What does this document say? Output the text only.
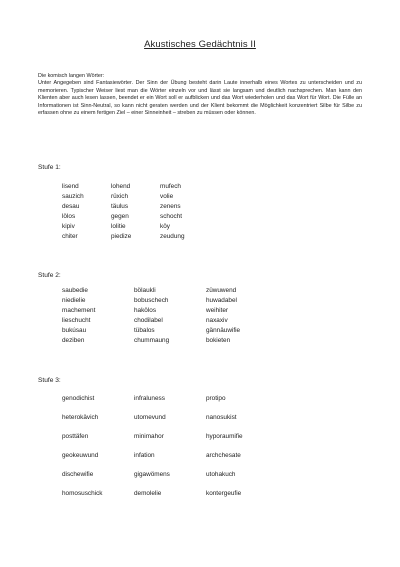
Akustisches Gedächtnis II

Die komisch langen Wörter:

Unter Angegeben sind Fantasiewörter. Der Sinn der Übung besteht darin Laute innerhalb eines Wortes zu unterscheiden und zu memorieren. Typischer Weiser liest man die Wörter einzeln vor und lässt sie langsam und deutlich nachsprechen. Man kann den Klienten aber auch lesen lassen, beendet er ein Wort soll er aufblicken und das Wort wiederholen und das Wort für Wort. Die Fülle an Informationen ist Sinn-Neutral, so kann nicht geraten werden und der Klient bekommt die Möglichkeit konzentriert Silbe für Silbe zu erfassen ohne zu einem fertigen Ziel – einer Sinneinheit – streben zu müssen oder können.

Stufe 1:
lisend	lohend	mufech
sauzich	rüxich	volie
desau	täulus	zenens
lölos	gegen	schocht
kipiv	lolitie	köy
chiter	piedize	zeudung
Stufe 2:
saubedie	bölaukli	züwuwend
niedielie	bobuschech	huwadabel
machement	hakölos	weihiter
lieschucht	chodilabel	naxaxiv
bukúsau	tübalos	gännäuwifie
deziben	chummaung	bokieten
Stufe 3:
genodichist	infraluness	protipo
heterokävich	utomevund	nanosukist
posttäfen	minimahor	hyporaumifie
geokeuwund	infation	archchesate
dischewifie	gigawömens	utohakuch
homosuschick	demolelie	kontergeufie
